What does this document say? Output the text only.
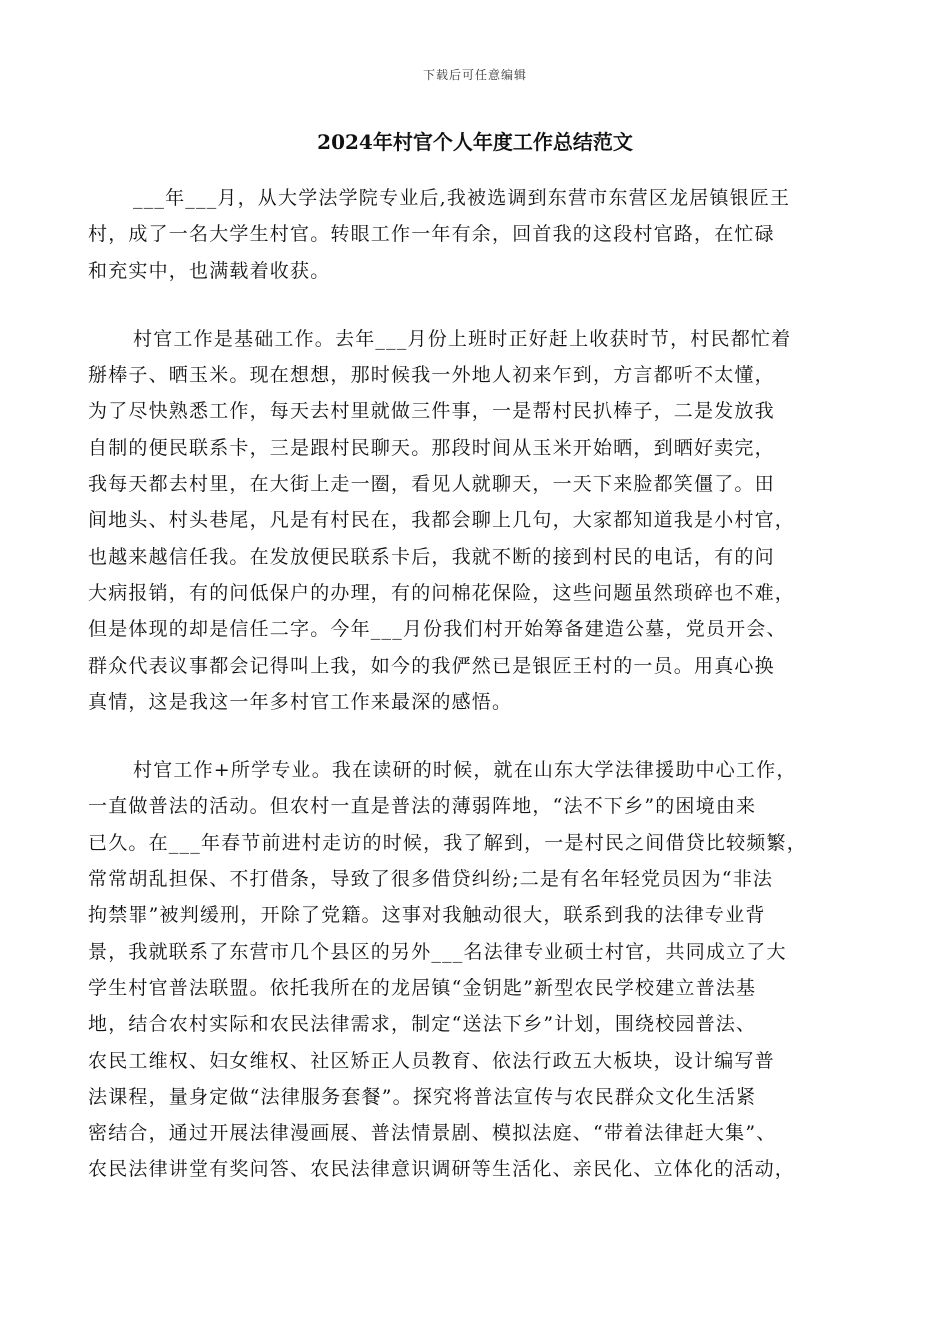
下载后可任意编辑
2024年村官个人年度工作总结范文

___年___月，从大学法学院专业后,我被选调到东营市东营区龙居镇银匠王
村，成了一名大学生村官。转眼工作一年有余，回首我的这段村官路，在忙碌
和充实中，也满载着收获。

村官工作是基础工作。去年___月份上班时正好赶上收获时节，村民都忙着
掰棒子、晒玉米。现在想想，那时候我一外地人初来乍到，方言都听不太懂，
为了尽快熟悉工作，每天去村里就做三件事，一是帮村民扒棒子，二是发放我
自制的便民联系卡，三是跟村民聊天。那段时间从玉米开始晒，到晒好卖完，
我每天都去村里，在大街上走一圈，看见人就聊天，一天下来脸都笑僵了。田
间地头、村头巷尾，凡是有村民在，我都会聊上几句，大家都知道我是小村官，
也越来越信任我。在发放便民联系卡后，我就不断的接到村民的电话，有的问
大病报销，有的问低保户的办理，有的问棉花保险，这些问题虽然琐碎也不难，
但是体现的却是信任二字。今年___月份我们村开始筹备建造公墓，党员开会、
群众代表议事都会记得叫上我，如今的我俨然已是银匠王村的一员。用真心换
真情，这是我这一年多村官工作来最深的感悟。

村官工作+所学专业。我在读研的时候，就在山东大学法律援助中心工作，
一直做普法的活动。但农村一直是普法的薄弱阵地，“法不下乡”的困境由来
已久。在___年春节前进村走访的时候，我了解到，一是村民之间借贷比较频繁，
常常胡乱担保、不打借条，导致了很多借贷纠纷;二是有名年轻党员因为“非法
拘禁罪”被判缓刑，开除了党籍。这事对我触动很大，联系到我的法律专业背
景，我就联系了东营市几个县区的另外___名法律专业硕士村官，共同成立了大
学生村官普法联盟。依托我所在的龙居镇“金钥匙”新型农民学校建立普法基
地，结合农村实际和农民法律需求，制定“送法下乡”计划，围绕校园普法、
农民工维权、妇女维权、社区矫正人员教育、依法行政五大板块，设计编写普
法课程，量身定做“法律服务套餐”。探究将普法宣传与农民群众文化生活紧
密结合，通过开展法律漫画展、普法情景剧、模拟法庭、“带着法律赶大集”、
农民法律讲堂有奖问答、农民法律意识调研等生活化、亲民化、立体化的活动，
